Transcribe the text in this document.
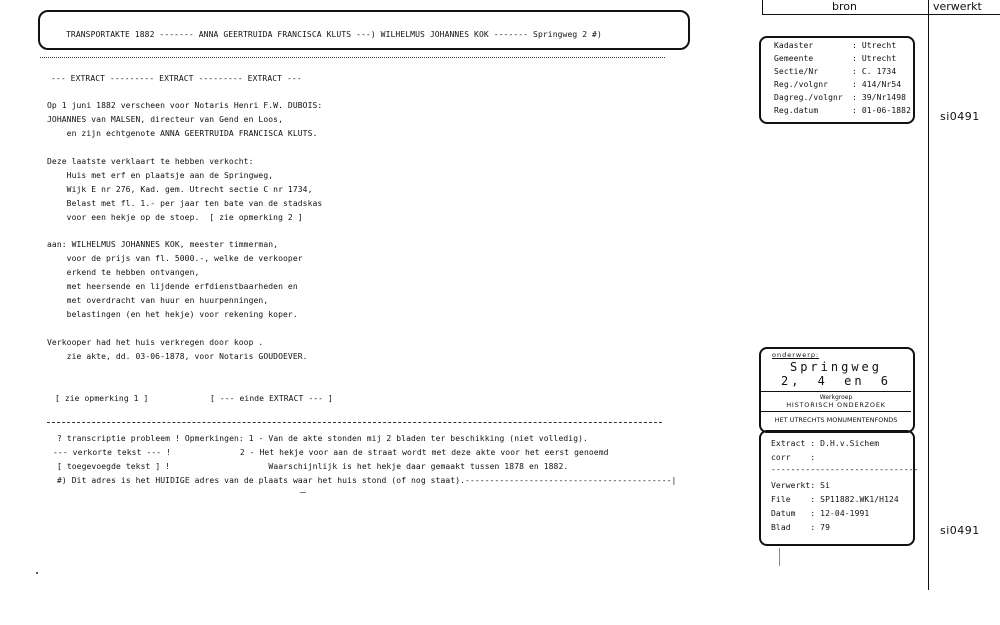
TRANSPORTAKTE 1882 ------- ANNA GEERTRUIDA FRANCISCA KLUTS ---) WILHELMUS JOHANNES KOK ------- Springweg 2 #)
--- EXTRACT --------- EXTRACT --------- EXTRACT ---
Op 1 juni 1882 verscheen voor Notaris Henri F.W. DUBOIS:
JOHANNES van MALSEN, directeur van Gend en Loos,
en zijn echtgenote ANNA GEERTRUIDA FRANCISCA KLUTS.
Deze laatste verklaart te hebben verkocht:
Huis met erf en plaatsje aan de Springweg,
Wijk E nr 276, Kad. gem. Utrecht sectie C nr 1734,
Belast met fl. 1.- per jaar ten bate van de stadskas
voor een hekje op de stoep.  [ zie opmerking 2 ]
aan: WILHELMUS JOHANNES KOK, meester timmerman,
voor de prijs van fl. 5000.-, welke de verkooper
erkend te hebben ontvangen,
met heersende en lijdende erfdienstbaarheden en
met overdracht van huur en huurpenningen,
belastingen (en het hekje) voor rekening koper.
Verkooper had het huis verkregen door koop .
zie akte, dd. 03-06-1878, voor Notaris GOUDOEVER.
[ zie opmerking 1 ]	[ --- einde EXTRACT --- ]
? transcriptie probleem ! Opmerkingen: 1 - Van de akte stonden mij 2 bladen ter beschikking (niet volledig).
--- verkorte tekst --- !              2 - Het hekje voor aan de straat wordt met deze akte voor het eerst genoemd
[ toegevoegde tekst ] !                    Waarschijnlijk is het hekje daar gemaakt tussen 1878 en 1882.
#) Dit adres is het HUIDIGE adres van de plaats waar het huis stond (of nog staat).------------------------------------------|
bron	verwerkt
Kadaster	: Utrecht
Gemeente	: Utrecht
Sectie/Nr	: C. 1734
Reg./volgnr	: 414/Nr54
Dagreg./volgnr : 39/Nr1498
Reg.datum	: 01-06-1882	si0491
onderwerp:
Springweg
2, 4 en 6
Werkgroep
HISTORISCH ONDERZOEK
HET UTRECHTS MONUMENTENFONDS
Extract : D.H.v.Sichem
corr    :
------------------------------
Verwerkt: Si
File    : SP11882.WK1/H124
Datum   : 12-04-1991
Blad    : 79	si0491
